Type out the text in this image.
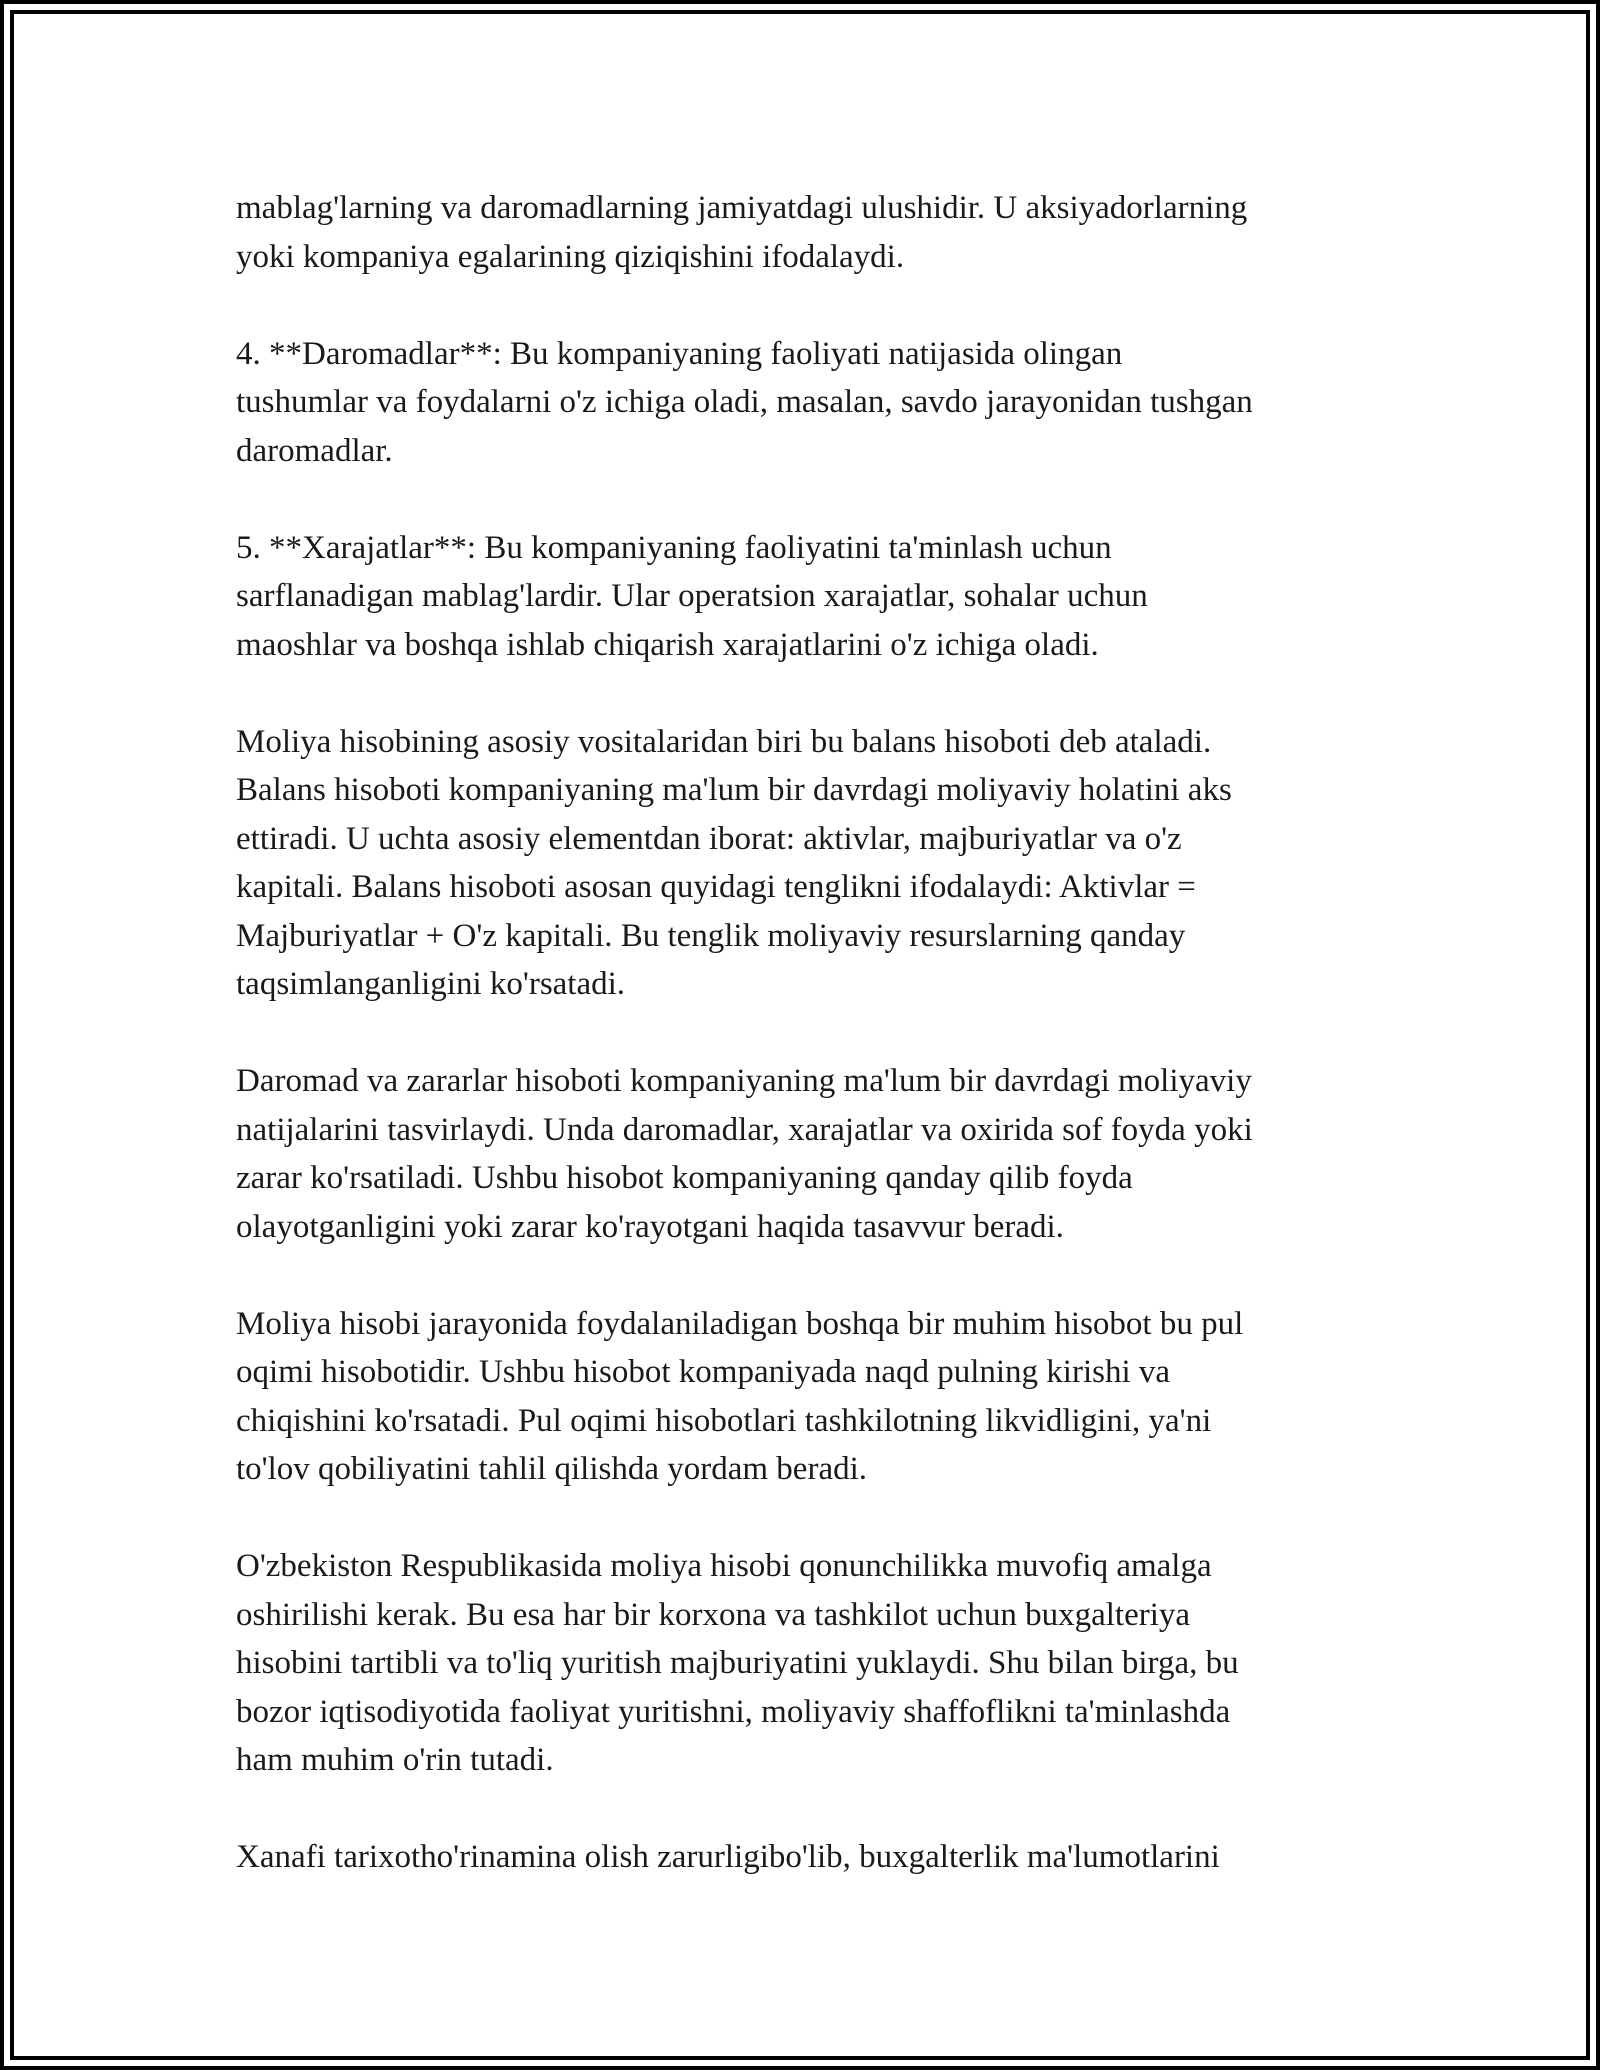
mablag'larning va daromadlarning jamiyatdagi ulushidir. U aksiyadorlarning
yoki kompaniya egalarining qiziqishini ifodalaydi.

4. **Daromadlar**: Bu kompaniyaning faoliyati natijasida olingan
tushumlar va foydalarni o'z ichiga oladi, masalan, savdo jarayonidan tushgan
daromadlar.

5. **Xarajatlar**: Bu kompaniyaning faoliyatini ta'minlash uchun
sarflanadigan mablag'lardir. Ular operatsion xarajatlar, sohalar uchun
maoshlar va boshqa ishlab chiqarish xarajatlarini o'z ichiga oladi.

Moliya hisobining asosiy vositalaridan biri bu balans hisoboti deb ataladi.
Balans hisoboti kompaniyaning ma'lum bir davrdagi moliyaviy holatini aks
ettiradi. U uchta asosiy elementdan iborat: aktivlar, majburiyatlar va o'z
kapitali. Balans hisoboti asosan quyidagi tenglikni ifodalaydi: Aktivlar =
Majburiyatlar + O'z kapitali. Bu tenglik moliyaviy resurslarning qanday
taqsimlanganligini ko'rsatadi.

Daromad va zararlar hisoboti kompaniyaning ma'lum bir davrdagi moliyaviy
natijalarini tasvirlaydi. Unda daromadlar, xarajatlar va oxirida sof foyda yoki
zarar ko'rsatiladi. Ushbu hisobot kompaniyaning qanday qilib foyda
olayotganligini yoki zarar ko'rayotgani haqida tasavvur beradi.

Moliya hisobi jarayonida foydalaniladigan boshqa bir muhim hisobot bu pul
oqimi hisobotidir. Ushbu hisobot kompaniyada naqd pulning kirishi va
chiqishini ko'rsatadi. Pul oqimi hisobotlari tashkilotning likvidligini, ya'ni
to'lov qobiliyatini tahlil qilishda yordam beradi.

O'zbekiston Respublikasida moliya hisobi qonunchilikka muvofiq amalga
oshirilishi kerak. Bu esa har bir korxona va tashkilot uchun buxgalteriya
hisobini tartibli va to'liq yuritish majburiyatini yuklaydi. Shu bilan birga, bu
bozor iqtisodiyotida faoliyat yuritishni, moliyaviy shaffoflikni ta'minlashda
ham muhim o'rin tutadi.

Xanafi tarixotho'rinamina olish zarurligibo'lib, buxgalterlik ma'lumotlarini
